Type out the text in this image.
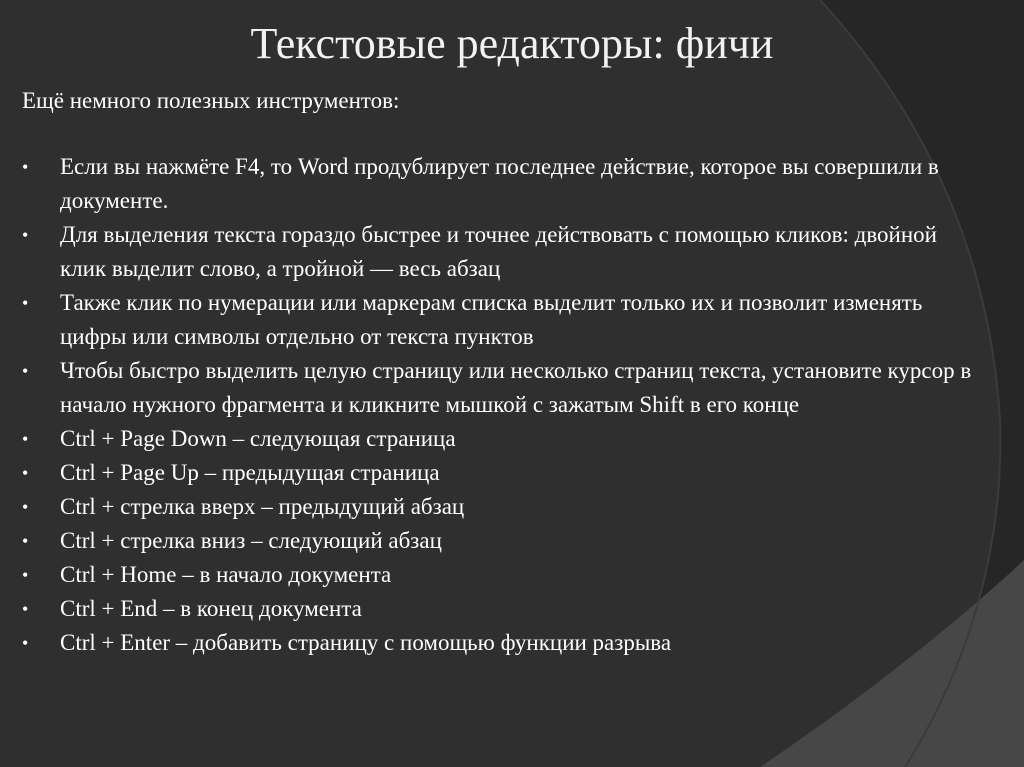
Текстовые редакторы: фичи
Ещё немного полезных инструментов:
•	Если вы нажмёте F4, то Word продублирует последнее действие, которое вы совершили в документе.
•	Для выделения текста гораздо быстрее и точнее действовать с помощью кликов: двойной клик выделит слово, а тройной — весь абзац
•	Также клик по нумерации или маркерам списка выделит только их и позволит изменять цифры или символы отдельно от текста пунктов
•	Чтобы быстро выделить целую страницу или несколько страниц текста, установите курсор в начало нужного фрагмента и кликните мышкой с зажатым Shift в его конце
•	Ctrl + Page Down – следующая страница
•	Ctrl + Page Up – предыдущая страница
•	Ctrl + стрелка вверх – предыдущий абзац
•	Ctrl + стрелка вниз – следующий абзац
•	Ctrl + Home – в начало документа
•	Ctrl + End – в конец документа
•	Ctrl + Enter – добавить страницу с помощью функции разрыва
